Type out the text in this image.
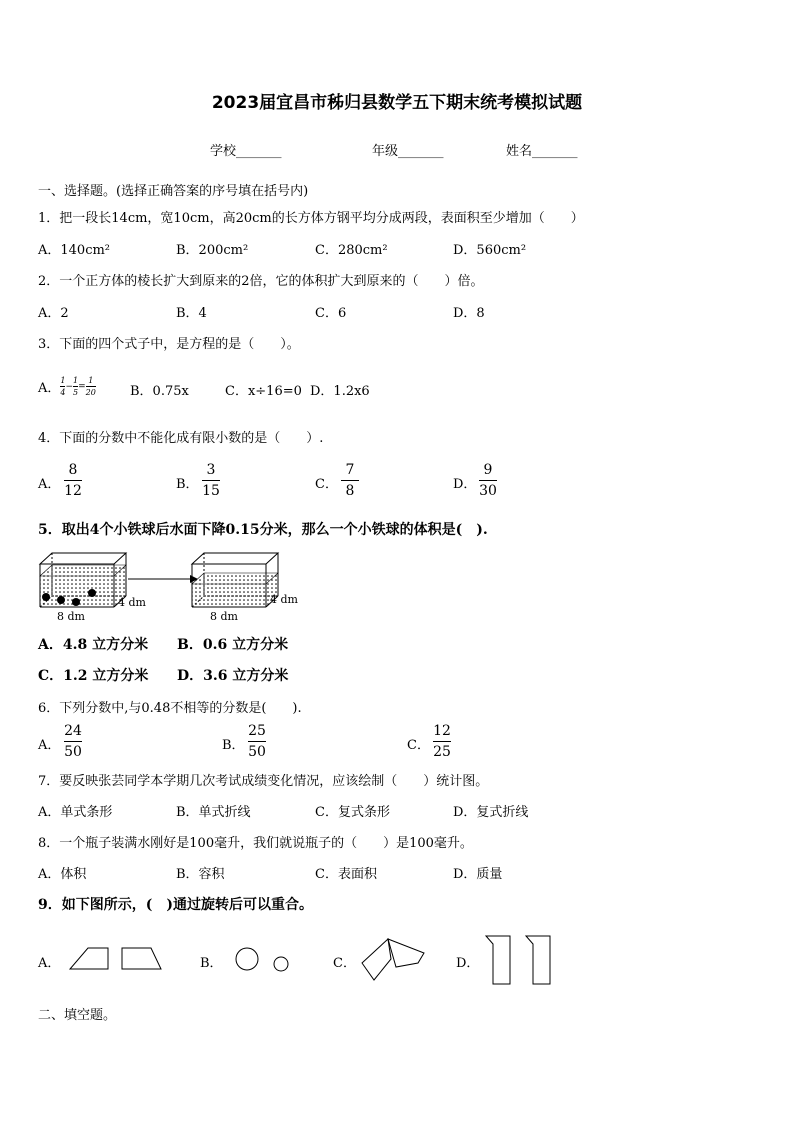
2023届宜昌市秭归县数学五下期末统考模拟试题
学校_______	年级_______	姓名_______
一、选择题。(选择正确答案的序号填在括号内)
1．把一段长14cm，宽10cm，高20cm的长方体方钢平均分成两段，表面积至少增加（　　）
A．140cm²	B．200cm²	C．280cm²	D．560cm²
2．一个正方体的棱长扩大到原来的2倍，它的体积扩大到原来的（　　）倍。
A．2	B．4	C．6	D．8
3．下面的四个式子中，是方程的是（　　）。
A．
1
4
−
1
5
=
1
20	B．0.75x	C．x÷16=0 D．1.2x6
4．下面的分数中不能化成有限小数的是（　　）.
A．
8
12	B．
3
15	C．
7
8	D．
9
30
5．取出4个小铁球后水面下降0.15分米，那么一个小铁球的体积是(　).
8 dm
4 dm
8 dm
4 dm
A．4.8 立方分米 B．0.6 立方分米
C．1.2 立方分米 D．3.6 立方分米
6．下列分数中,与0.48不相等的分数是(　　).
A．
24
50	B．
25
50	C．
12
25
7．要反映张芸同学本学期几次考试成绩变化情况，应该绘制（　　）统计图。
A．单式条形	B．单式折线	C．复式条形	D．复式折线
8．一个瓶子装满水刚好是100毫升，我们就说瓶子的（　　）是100毫升。
A．体积	B．容积	C．表面积	D．质量
9．如下图所示，(　)通过旋转后可以重合。
A．	B．	C．	D．
二、填空题。
